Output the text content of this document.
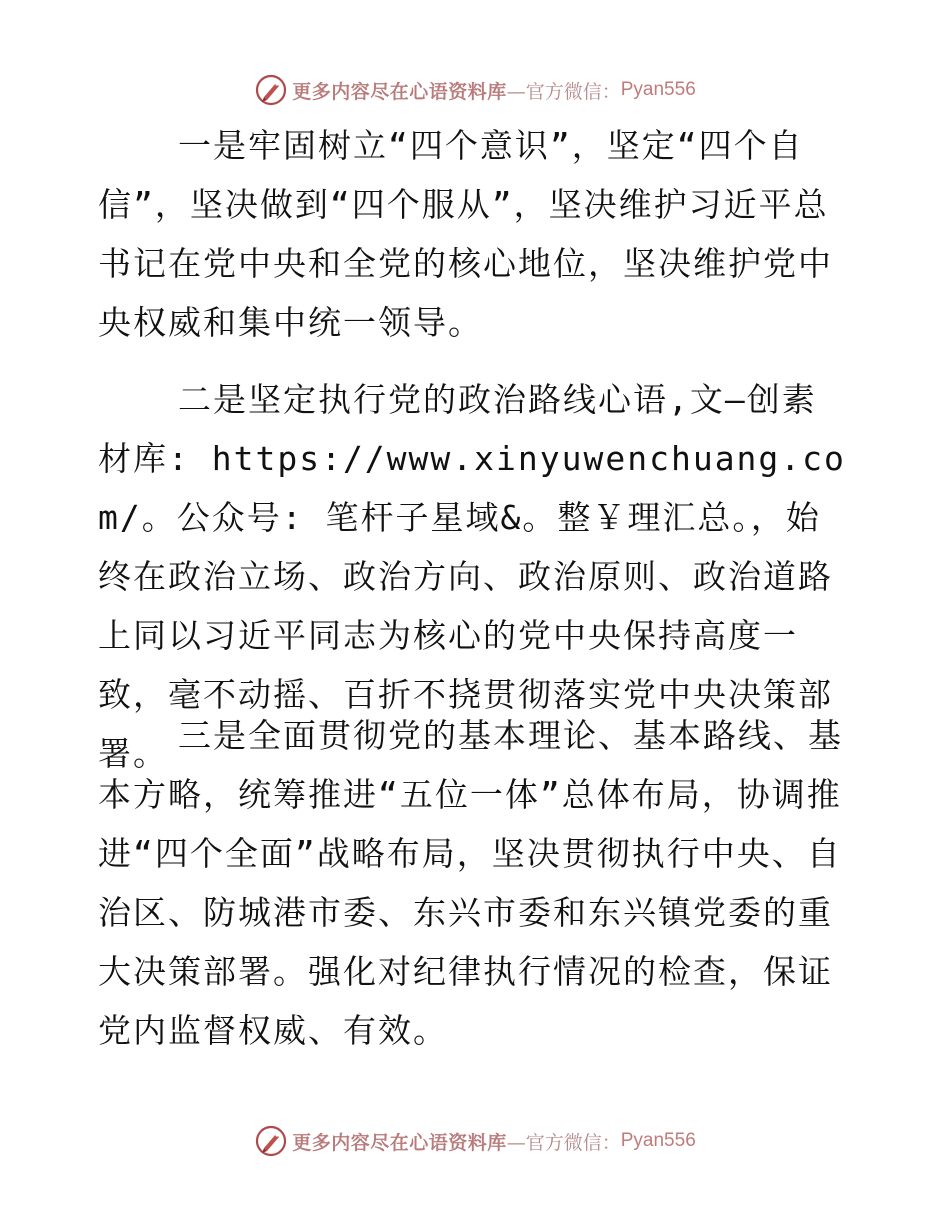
更多内容尽在心语资料库 —官方微信： Pyan556

一是牢固树立“四个意识”，坚定“四个自信”，坚决做到“四个服从”，坚决维护习近平总书记在党中央和全党的核心地位，坚决维护党中央权威和集中统一领导。

二是坚定执行党的政治路线心语,文—创素材库: https://www.xinyuwenchuang.com/。公众号: 笔杆子星域&。整￥理汇总。，始终在政治立场、政治方向、政治原则、政治道路上同以习近平同志为核心的党中央保持高度一致，毫不动摇、百折不挠贯彻落实党中央决策部署。 三是全面贯彻党的基本理论、基本路线、基本方略，统筹推进“五位一体”总体布局，协调推进“四个全面”战略布局，坚决贯彻执行中央、自治区、防城港市委、东兴市委和东兴镇党委的重大决策部署。强化对纪律执行情况的检查，保证党内监督权威、有效。

更多内容尽在心语资料库 —官方微信： Pyan556
